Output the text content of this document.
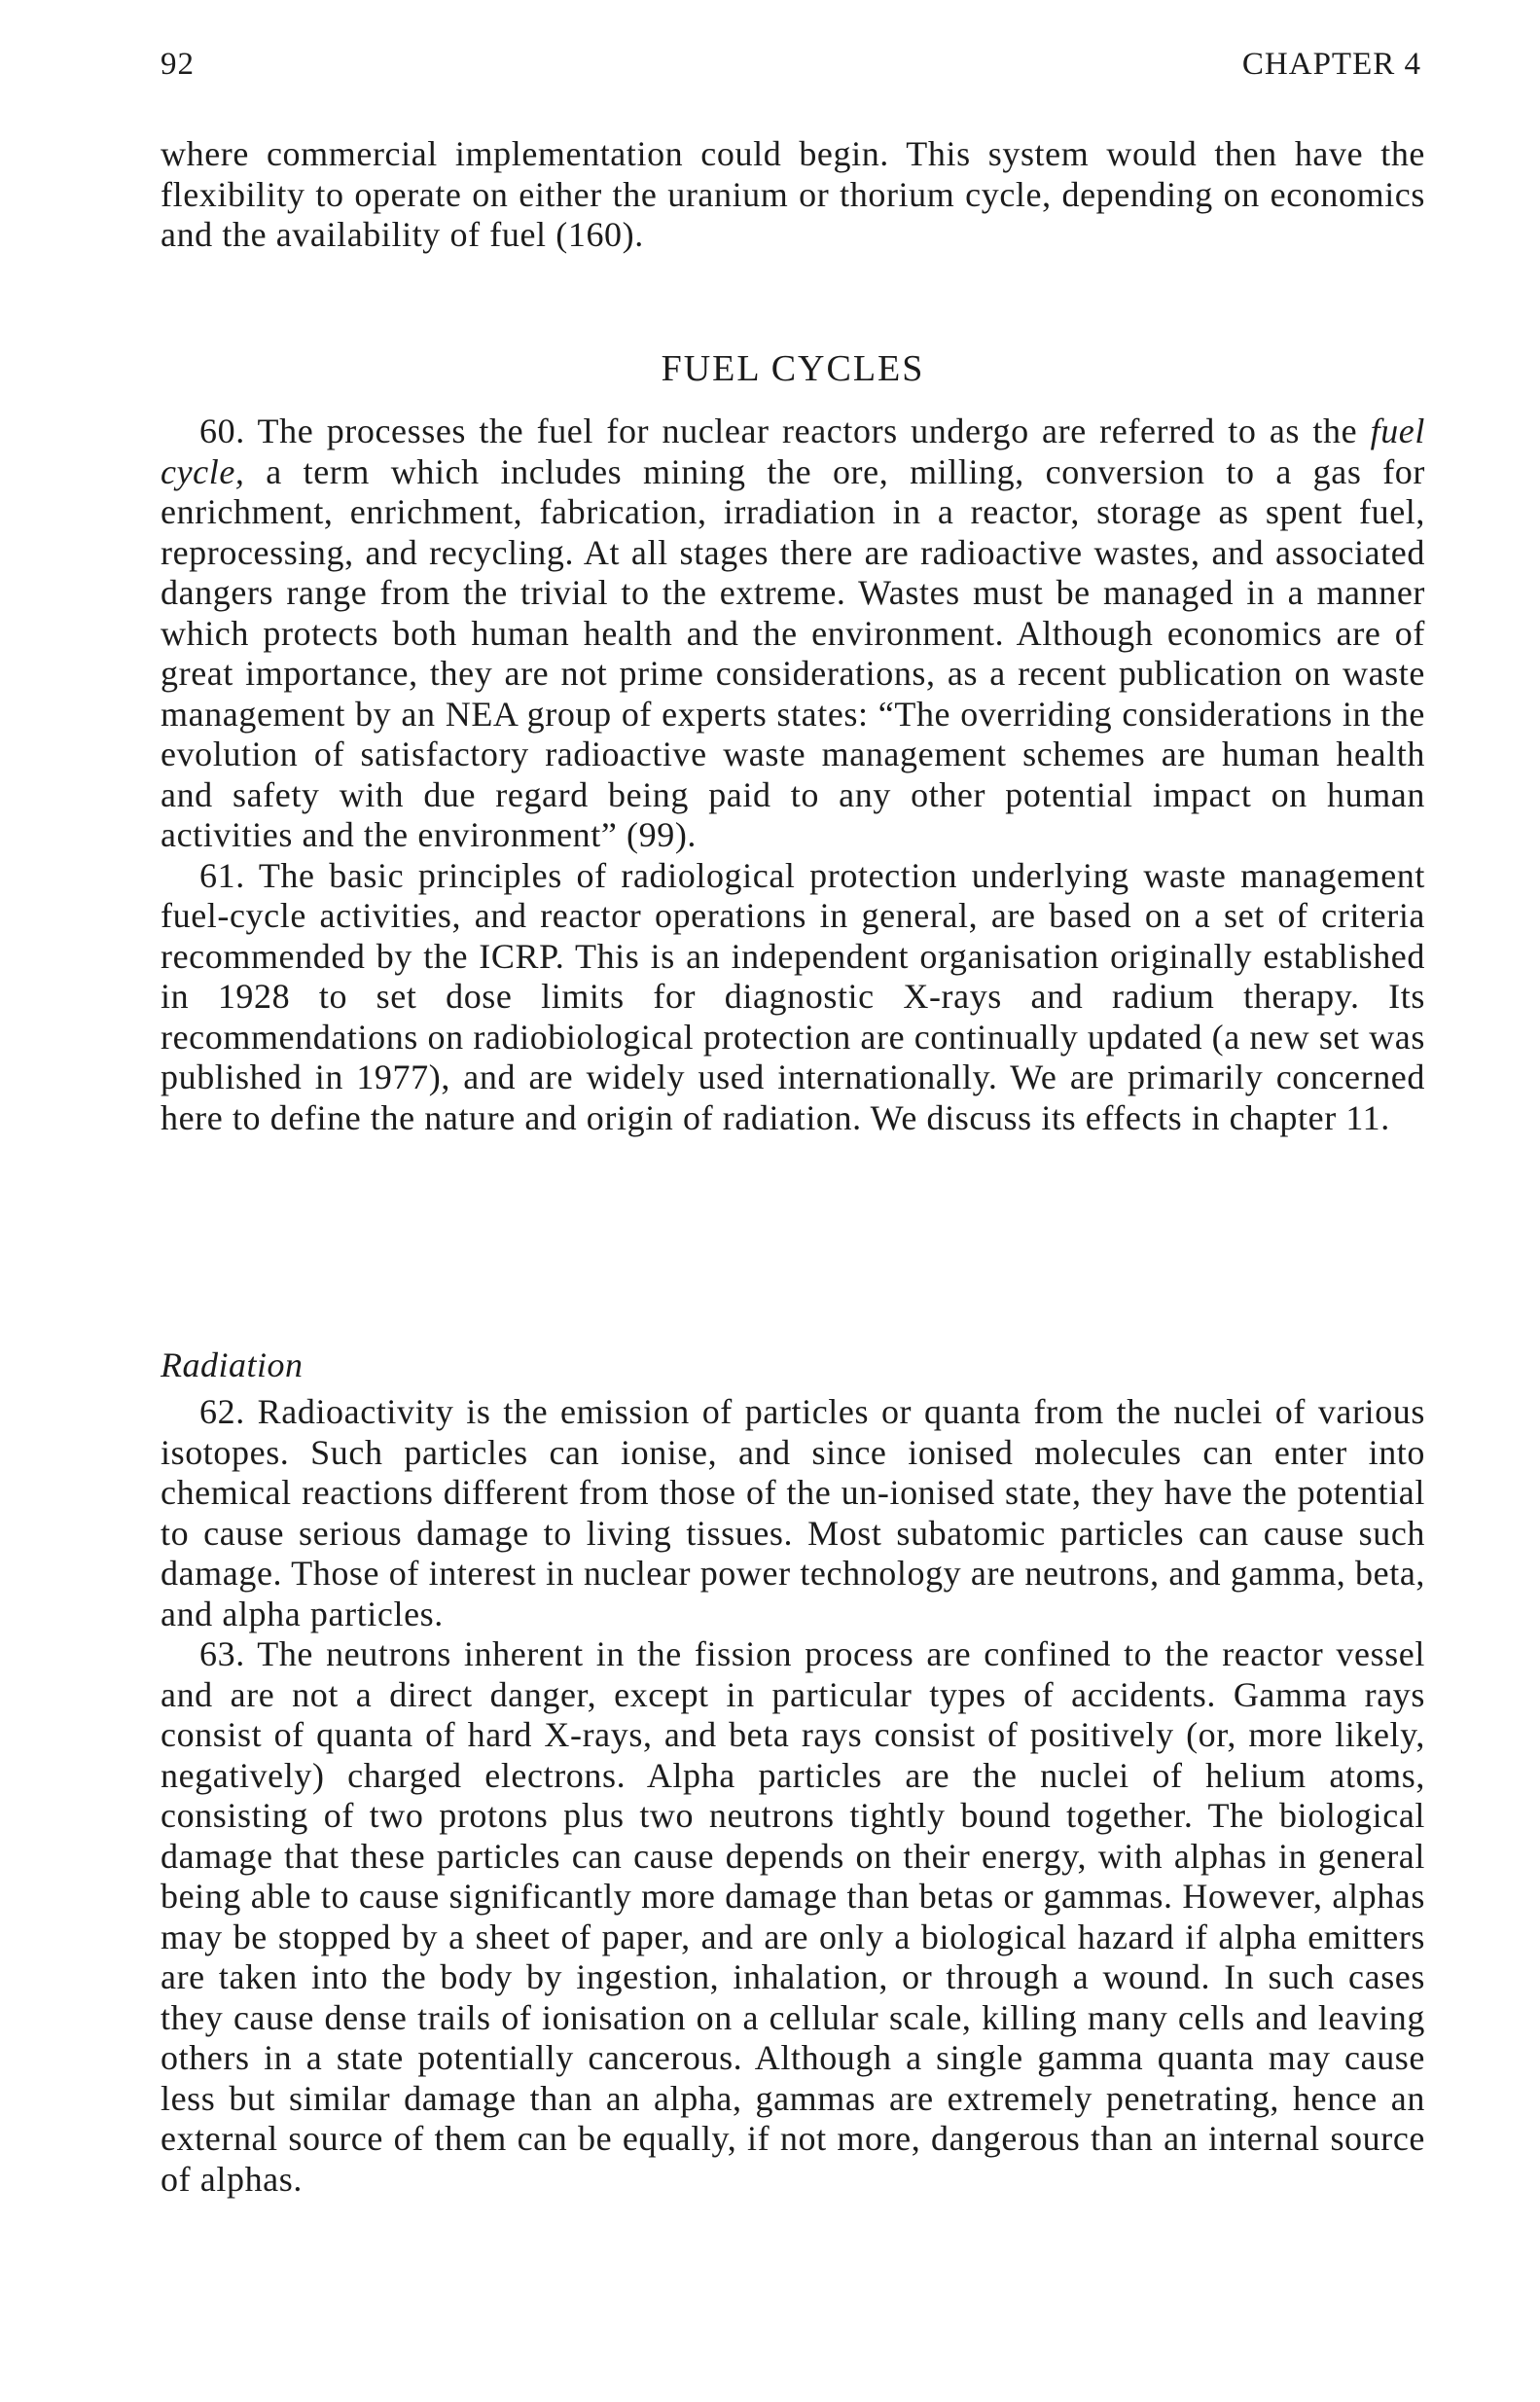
92	CHAPTER 4

where commercial implementation could begin. This system would then have the flexibility to operate on either the uranium or thorium cycle, depending on economics and the availability of fuel (160).

FUEL CYCLES

60. The processes the fuel for nuclear reactors undergo are referred to as the fuel cycle, a term which includes mining the ore, milling, conversion to a gas for enrichment, enrichment, fabrication, irradiation in a reactor, storage as spent fuel, reprocessing, and recycling. At all stages there are radioactive wastes, and associated dangers range from the trivial to the extreme. Wastes must be managed in a manner which protects both human health and the environment. Although economics are of great importance, they are not prime considerations, as a recent publication on waste management by an NEA group of experts states: “The overriding considerations in the evolution of satisfactory radioactive waste management schemes are human health and safety with due regard being paid to any other potential impact on human activities and the environment” (99).

61. The basic principles of radiological protection underlying waste management fuel-cycle activities, and reactor operations in general, are based on a set of criteria recommended by the ICRP. This is an independent organisation originally established in 1928 to set dose limits for diagnostic X-rays and radium therapy. Its recommendations on radiobiological protection are continually updated (a new set was published in 1977), and are widely used internationally. We are primarily concerned here to define the nature and origin of radiation. We discuss its effects in chapter 11.

Radiation

62. Radioactivity is the emission of particles or quanta from the nuclei of various isotopes. Such particles can ionise, and since ionised molecules can enter into chemical reactions different from those of the un-ionised state, they have the potential to cause serious damage to living tissues. Most subatomic particles can cause such damage. Those of interest in nuclear power technology are neutrons, and gamma, beta, and alpha particles.

63. The neutrons inherent in the fission process are confined to the reactor vessel and are not a direct danger, except in particular types of accidents. Gamma rays consist of quanta of hard X-rays, and beta rays consist of positively (or, more likely, negatively) charged electrons. Alpha particles are the nuclei of helium atoms, consisting of two protons plus two neutrons tightly bound together. The biological damage that these particles can cause depends on their energy, with alphas in general being able to cause significantly more damage than betas or gammas. However, alphas may be stopped by a sheet of paper, and are only a biological hazard if alpha emitters are taken into the body by ingestion, inhalation, or through a wound. In such cases they cause dense trails of ionisation on a cellular scale, killing many cells and leaving others in a state potentially cancerous. Although a single gamma quanta may cause less but similar damage than an alpha, gammas are extremely penetrating, hence an external source of them can be equally, if not more, dangerous than an internal source of alphas.
